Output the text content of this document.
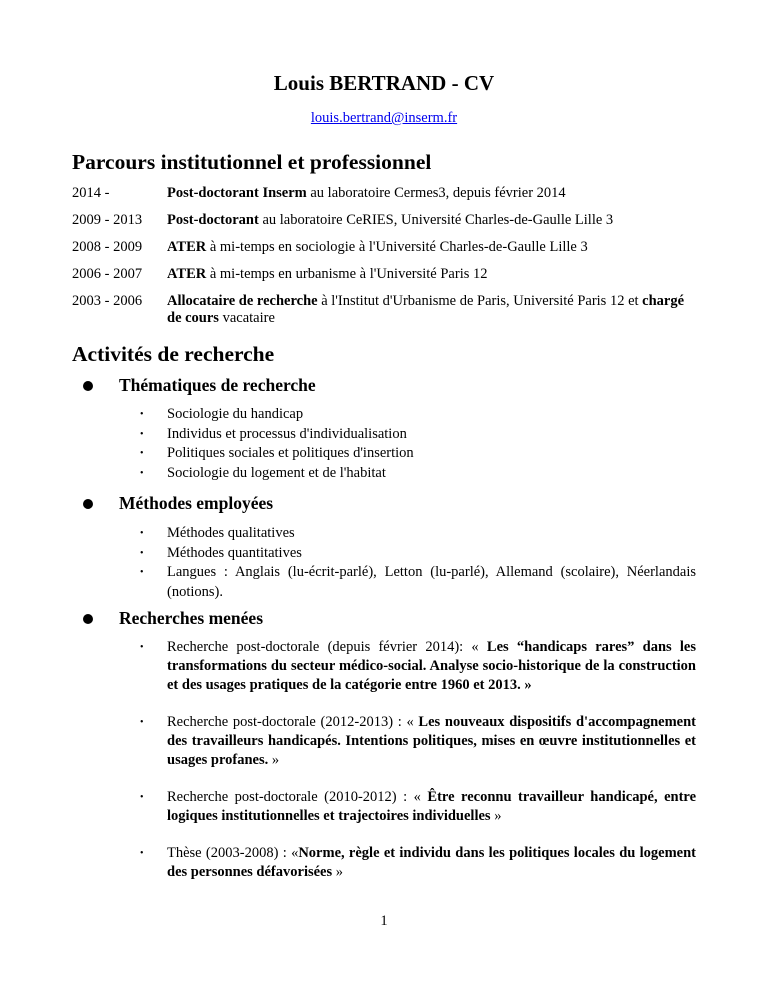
Louis BERTRAND - CV
louis.bertrand@inserm.fr
Parcours institutionnel et professionnel
2014 -	Post-doctorant Inserm au laboratoire Cermes3, depuis février 2014
2009 - 2013	Post-doctorant au laboratoire CeRIES, Université Charles-de-Gaulle Lille 3
2008 - 2009	ATER à mi-temps en sociologie à l'Université Charles-de-Gaulle Lille 3
2006 - 2007	ATER à mi-temps en urbanisme à l'Université Paris 12
2003 - 2006	Allocataire de recherche à l'Institut d'Urbanisme de Paris, Université Paris 12 et chargé de cours vacataire
Activités de recherche
Thématiques de recherche
•	Sociologie du handicap
•	Individus et processus d'individualisation
•	Politiques sociales et politiques d'insertion
•	Sociologie du logement et de l'habitat
Méthodes employées
•	Méthodes qualitatives
•	Méthodes quantitatives
•	Langues : Anglais (lu-écrit-parlé), Letton (lu-parlé), Allemand (scolaire), Néerlandais (notions).
Recherches menées
•	Recherche post-doctorale (depuis février 2014): « Les “handicaps rares” dans les transformations du secteur médico-social. Analyse socio-historique de la construction et des usages pratiques de la catégorie entre 1960 et 2013. »
•	Recherche post-doctorale (2012-2013) : « Les nouveaux dispositifs d'accompagnement des travailleurs handicapés. Intentions politiques, mises en œuvre institutionnelles et usages profanes. »
•	Recherche post-doctorale (2010-2012) : « Être reconnu travailleur handicapé, entre logiques institutionnelles et trajectoires individuelles »
•	Thèse (2003-2008) : «Norme, règle et individu dans les politiques locales du logement des personnes défavorisées »
1
